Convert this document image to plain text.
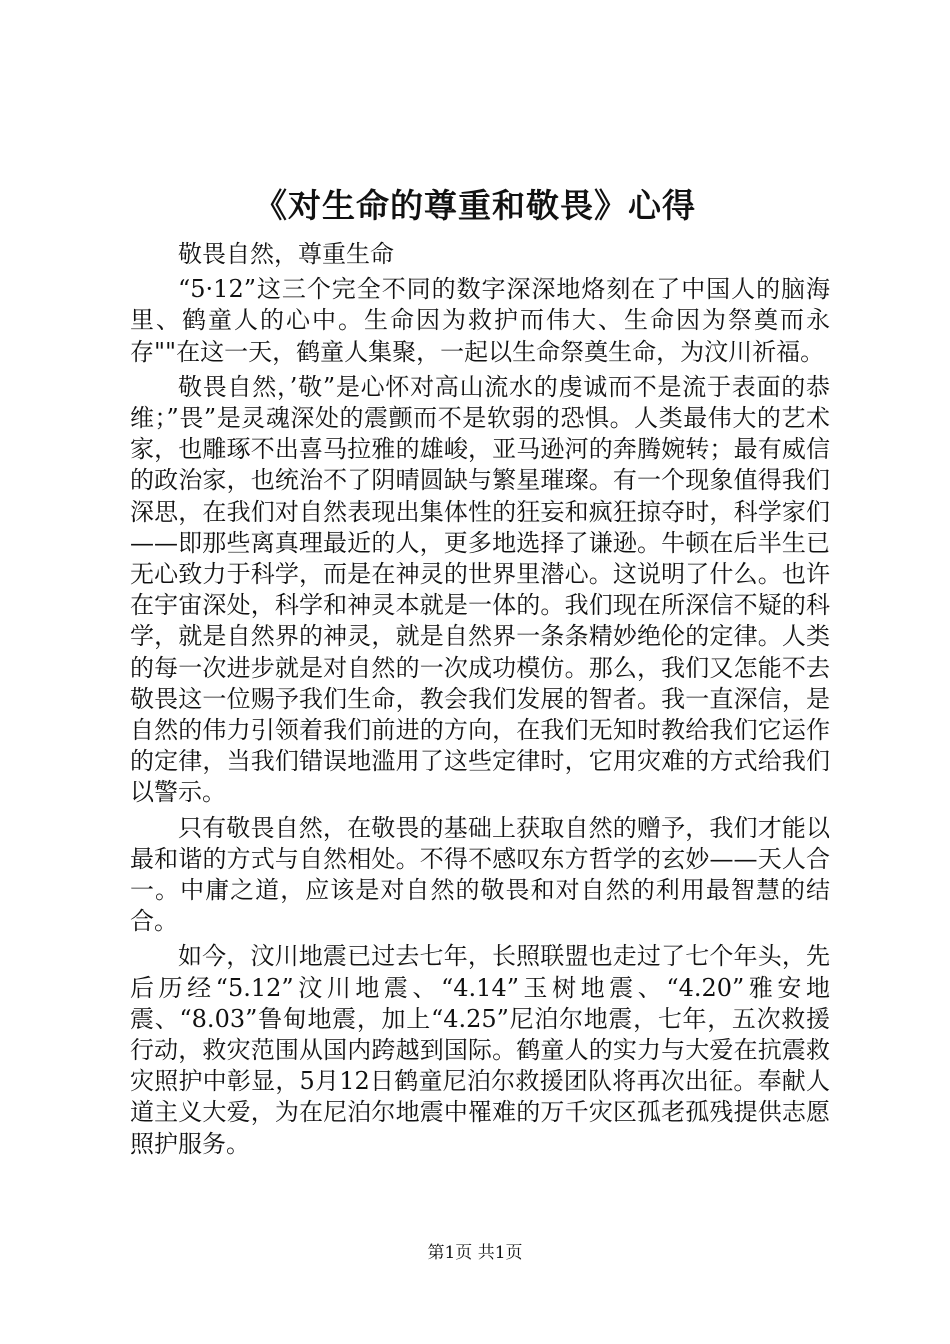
《对生命的尊重和敬畏》心得

敬畏自然，尊重生命

“5·12”这三个完全不同的数字深深地烙刻在了中国人的脑海里、鹤童人的心中。生命因为救护而伟大、生命因为祭奠而永存""在这一天，鹤童人集聚，一起以生命祭奠生命，为汶川祈福。

敬畏自然，’敬”是心怀对高山流水的虔诚而不是流于表面的恭维；”畏”是灵魂深处的震颤而不是软弱的恐惧。人类最伟大的艺术家，也雕琢不出喜马拉雅的雄峻，亚马逊河的奔腾婉转；最有威信的政治家，也统治不了阴晴圆缺与繁星璀璨。有一个现象值得我们深思，在我们对自然表现出集体性的狂妄和疯狂掠夺时，科学家们——即那些离真理最近的人，更多地选择了谦逊。牛顿在后半生已无心致力于科学，而是在神灵的世界里潜心。这说明了什么。也许在宇宙深处，科学和神灵本就是一体的。我们现在所深信不疑的科学，就是自然界的神灵，就是自然界一条条精妙绝伦的定律。人类的每一次进步就是对自然的一次成功模仿。那么，我们又怎能不去敬畏这一位赐予我们生命，教会我们发展的智者。我一直深信，是自然的伟力引领着我们前进的方向，在我们无知时教给我们它运作的定律，当我们错误地滥用了这些定律时，它用灾难的方式给我们以警示。

只有敬畏自然，在敬畏的基础上获取自然的赠予，我们才能以最和谐的方式与自然相处。不得不感叹东方哲学的玄妙——天人合一。中庸之道，应该是对自然的敬畏和对自然的利用最智慧的结合。

如今，汶川地震已过去七年，长照联盟也走过了七个年头，先后历经“5.12”汶川地震、“4.14”玉树地震、“4.20”雅安地震、“8.03”鲁甸地震，加上“4.25”尼泊尔地震，七年，五次救援行动，救灾范围从国内跨越到国际。鹤童人的实力与大爱在抗震救灾照护中彰显，5月12日鹤童尼泊尔救援团队将再次出征。奉献人道主义大爱，为在尼泊尔地震中罹难的万千灾区孤老孤残提供志愿照护服务。

第1页 共1页
